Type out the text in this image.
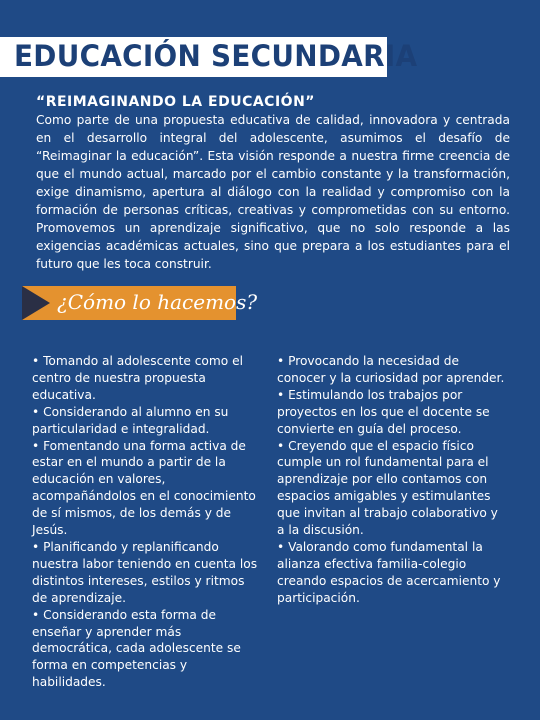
EDUCACIÓN SECUNDARIA

“REIMAGINANDO LA EDUCACIÓN”

Como parte de una propuesta educativa de calidad, innovadora y centrada en el desarrollo integral del adolescente, asumimos el desafío de “Reimaginar la educación”. Esta visión responde a nuestra firme creencia de que el mundo actual, marcado por el cambio constante y la transformación, exige dinamismo, apertura al diálogo con la realidad y compromiso con la formación de personas críticas, creativas y comprometidas con su entorno. Promovemos un aprendizaje significativo, que no solo responde a las exigencias académicas actuales, sino que prepara a los estudiantes para el futuro que les toca construir.

¿Cómo lo hacemos?
• Tomando al adolescente como el centro de nuestra propuesta educativa.
• Considerando al alumno en su particularidad e integralidad.
• Fomentando una forma activa de estar en el mundo a partir de la educación en valores, acompañándolos en el conocimiento de sí mismos, de los demás y de Jesús.
• Planificando y replanificando nuestra labor teniendo en cuenta los distintos intereses, estilos y ritmos de aprendizaje.
• Considerando esta forma de enseñar y aprender más democrática, cada adolescente se forma en competencias y habilidades.
• Provocando la necesidad de conocer y la curiosidad por aprender.
• Estimulando los trabajos por proyectos en los que el docente se convierte en guía del proceso.
• Creyendo que el espacio físico cumple un rol fundamental para el aprendizaje por ello contamos con espacios amigables y estimulantes que invitan al trabajo colaborativo y a la discusión.
• Valorando como fundamental la alianza efectiva familia-colegio creando espacios de acercamiento y participación.
